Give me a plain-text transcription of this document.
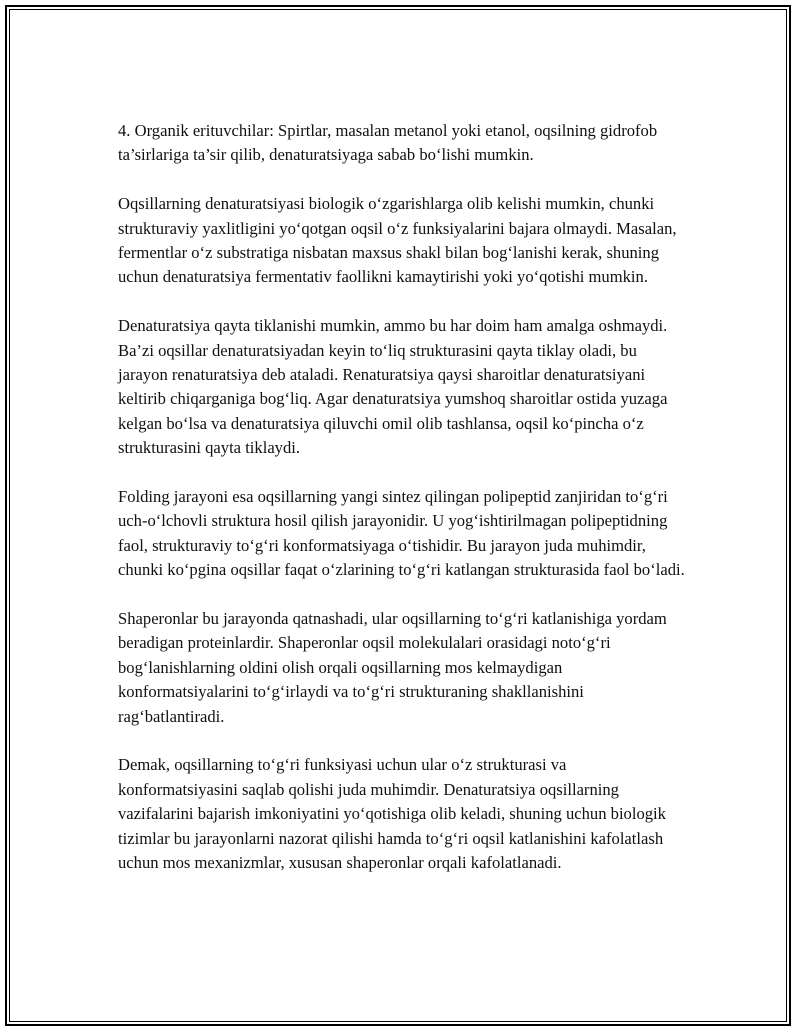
4. Organik erituvchilar: Spirtlar, masalan metanol yoki etanol, oqsilning gidrofob ta’sirlariga ta’sir qilib, denaturatsiyaga sabab bo‘lishi mumkin.

Oqsillarning denaturatsiyasi biologik o‘zgarishlarga olib kelishi mumkin, chunki strukturaviy yaxlitligini yo‘qotgan oqsil o‘z funksiyalarini bajara olmaydi. Masalan, fermentlar o‘z substratiga nisbatan maxsus shakl bilan bog‘lanishi kerak, shuning uchun denaturatsiya fermentativ faollikni kamaytirishi yoki yo‘qotishi mumkin.

Denaturatsiya qayta tiklanishi mumkin, ammo bu har doim ham amalga oshmaydi. Ba’zi oqsillar denaturatsiyadan keyin to‘liq strukturasini qayta tiklay oladi, bu jarayon renaturatsiya deb ataladi. Renaturatsiya qaysi sharoitlar denaturatsiyani keltirib chiqarganiga bog‘liq. Agar denaturatsiya yumshoq sharoitlar ostida yuzaga kelgan bo‘lsa va denaturatsiya qiluvchi omil olib tashlansa, oqsil ko‘pincha o‘z strukturasini qayta tiklaydi.

Folding jarayoni esa oqsillarning yangi sintez qilingan polipeptid zanjiridan to‘g‘ri uch-o‘lchovli struktura hosil qilish jarayonidir. U yog‘ishtirilmagan polipeptidning faol, strukturaviy to‘g‘ri konformatsiyaga o‘tishidir. Bu jarayon juda muhimdir, chunki ko‘pgina oqsillar faqat o‘zlarining to‘g‘ri katlangan strukturasida faol bo‘ladi.

Shaperonlar bu jarayonda qatnashadi, ular oqsillarning to‘g‘ri katlanishiga yordam beradigan proteinlardir. Shaperonlar oqsil molekulalari orasidagi noto‘g‘ri bog‘lanishlarning oldini olish orqali oqsillarning mos kelmaydigan konformatsiyalarini to‘g‘irlaydi va to‘g‘ri strukturaning shakllanishini rag‘batlantiradi.

Demak, oqsillarning to‘g‘ri funksiyasi uchun ular o‘z strukturasi va konformatsiyasini saqlab qolishi juda muhimdir. Denaturatsiya oqsillarning vazifalarini bajarish imkoniyatini yo‘qotishiga olib keladi, shuning uchun biologik tizimlar bu jarayonlarni nazorat qilishi hamda to‘g‘ri oqsil katlanishini kafolatlash uchun mos mexanizmlar, xususan shaperonlar orqali kafolatlanadi.
